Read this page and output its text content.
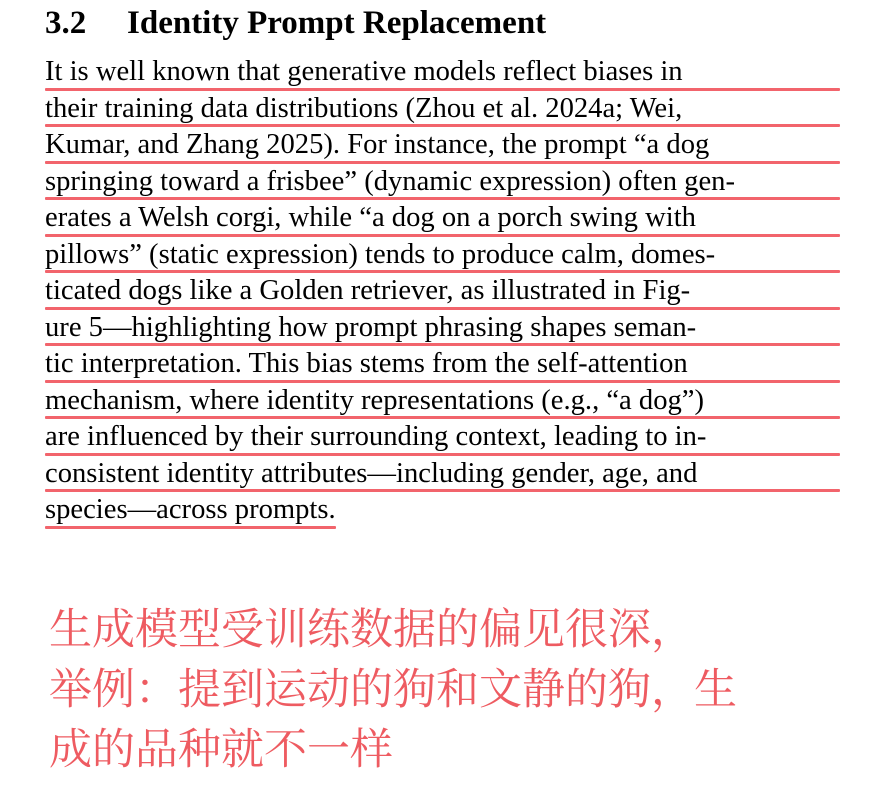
3.2 Identity Prompt Replacement
It is well known that generative models reflect biases in
their training data distributions (Zhou et al. 2024a; Wei,
Kumar, and Zhang 2025). For instance, the prompt “a dog
springing toward a frisbee” (dynamic expression) often gen-
erates a Welsh corgi, while “a dog on a porch swing with
pillows” (static expression) tends to produce calm, domes-
ticated dogs like a Golden retriever, as illustrated in Fig-
ure 5—highlighting how prompt phrasing shapes seman-
tic interpretation. This bias stems from the self-attention
mechanism, where identity representations (e.g., “a dog”)
are influenced by their surrounding context, leading to in-
consistent identity attributes—including gender, age, and
species—across prompts.
生成模型受训练数据的偏见很深，
举例：提到运动的狗和文静的狗，生
成的品种就不一样
